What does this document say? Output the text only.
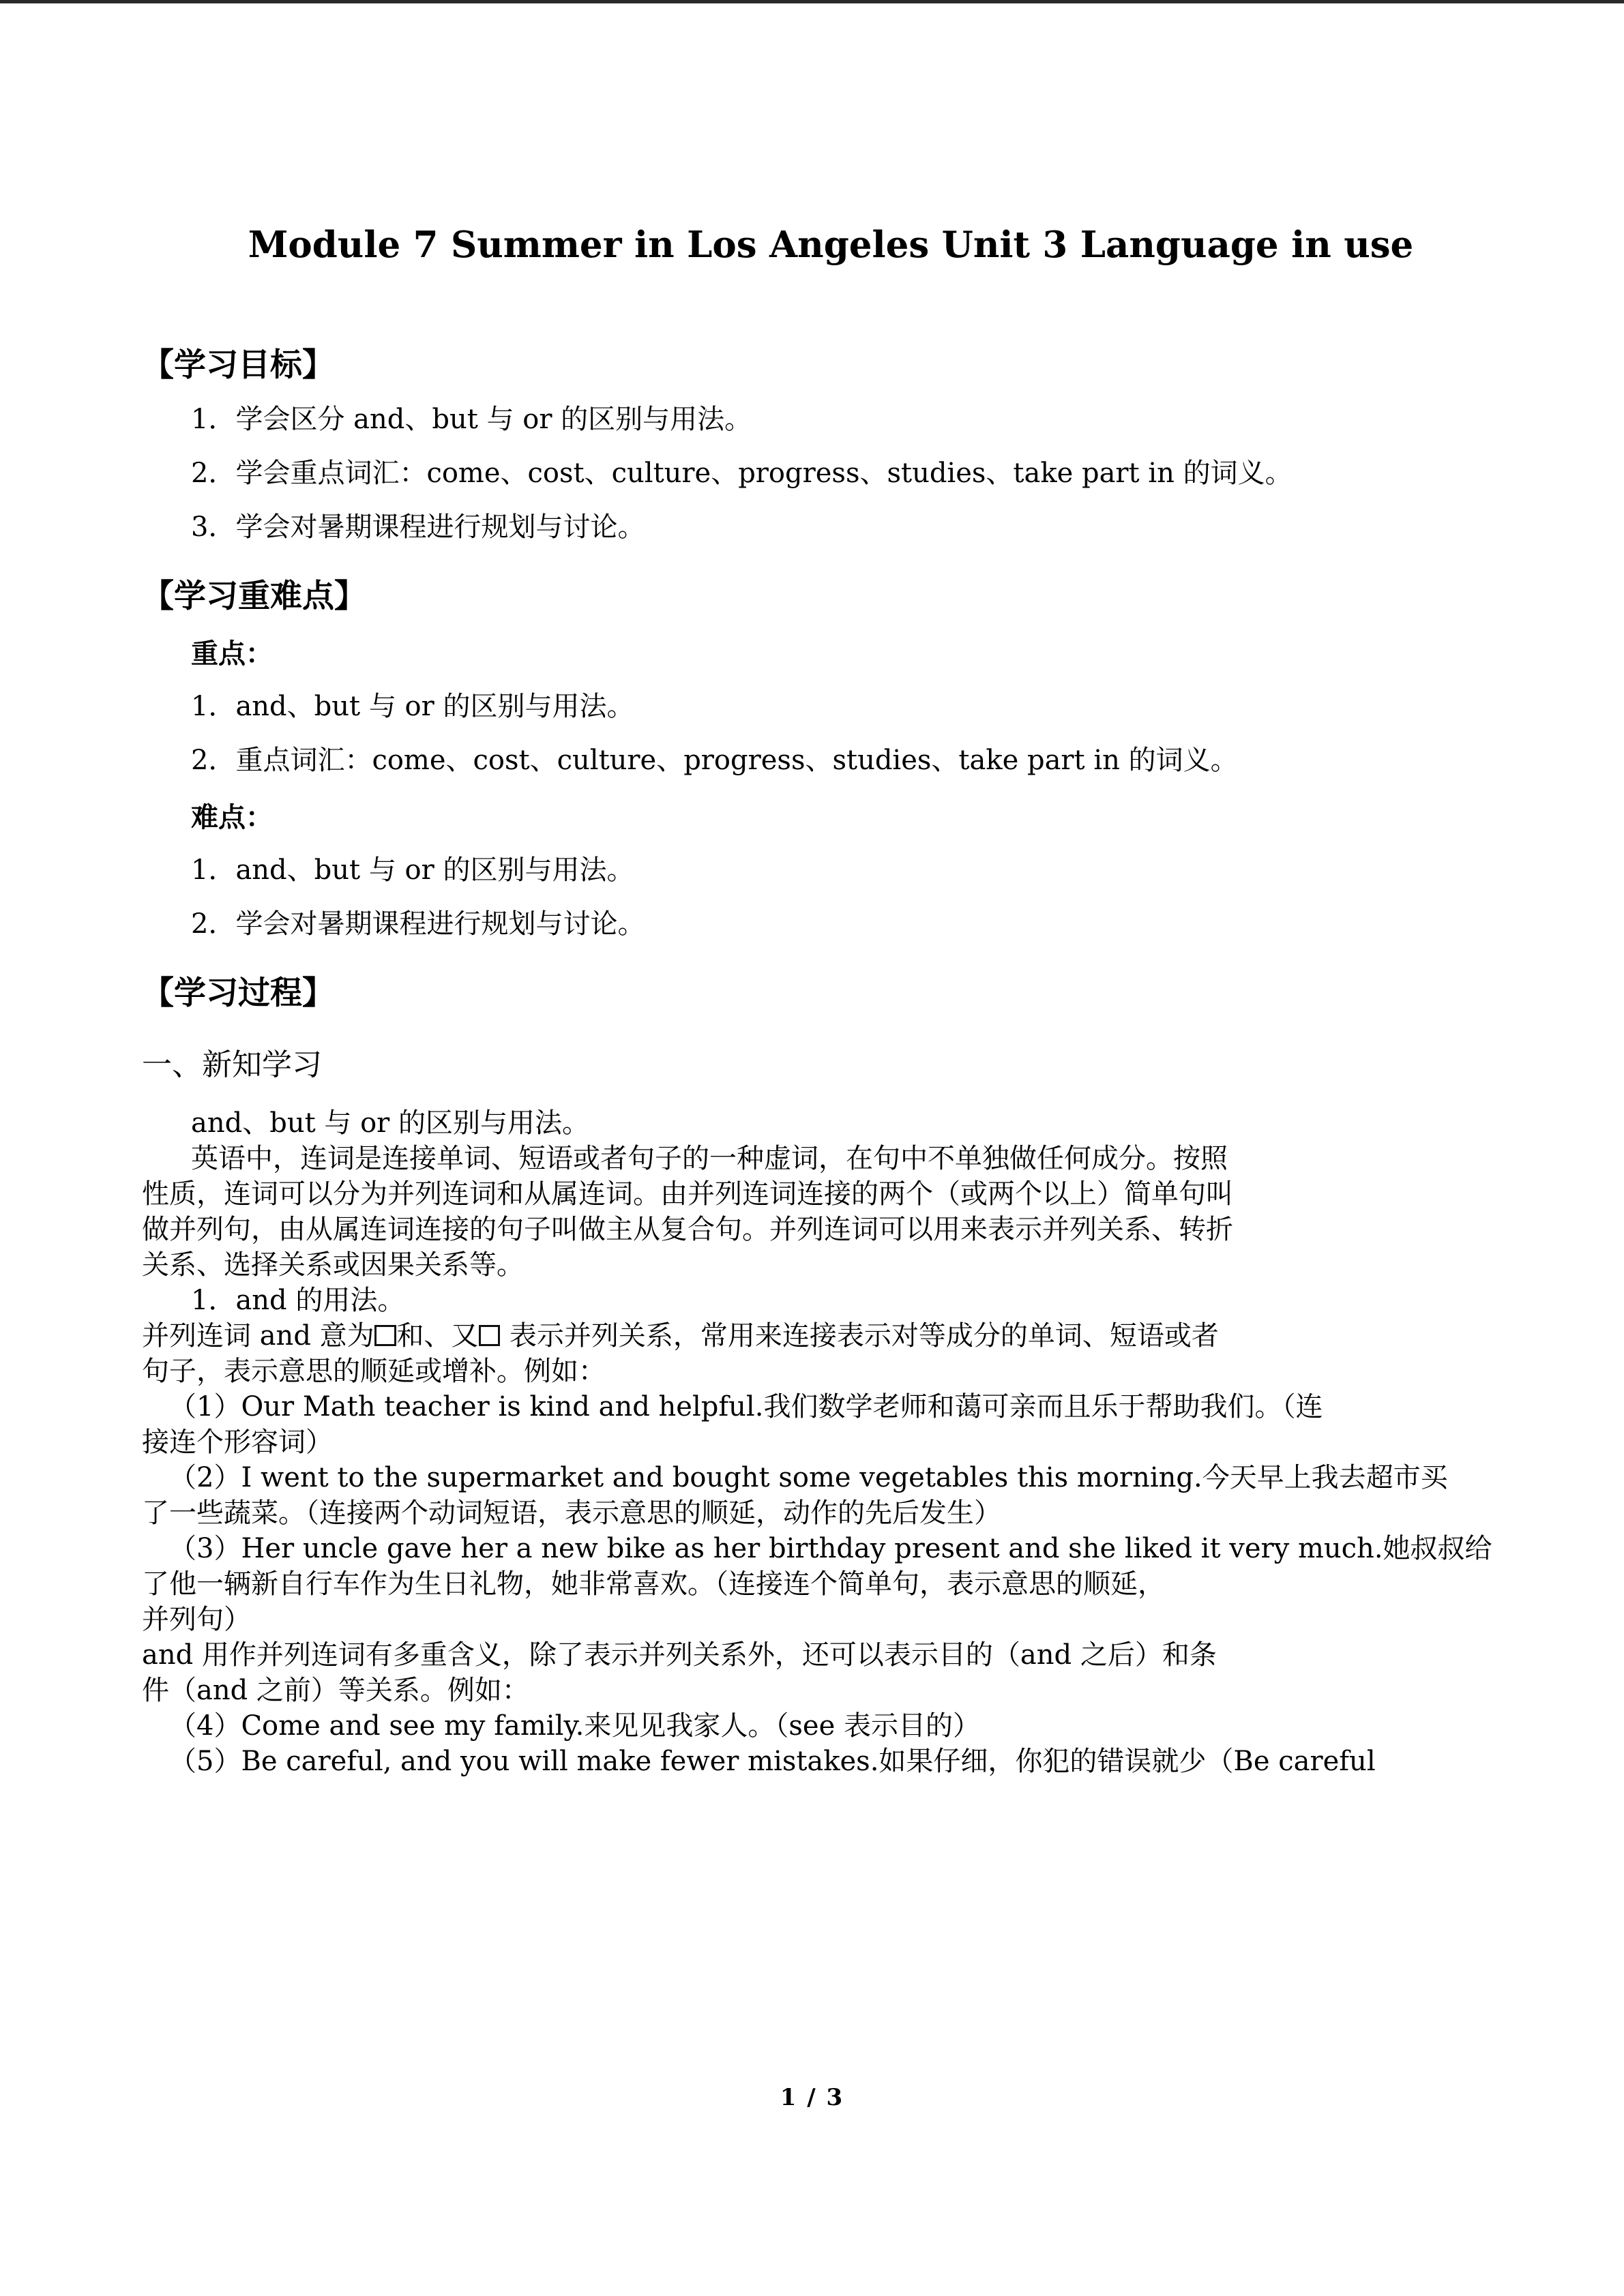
Module 7 Summer in Los Angeles Unit 3 Language in use
【学习目标】

1．学会区分 and、but 与 or 的区别与用法。

2．学会重点词汇：come、cost、culture、progress、studies、take part in 的词义。

3．学会对暑期课程进行规划与讨论。

【学习重难点】

重点：

1．and、but 与 or 的区别与用法。

2．重点词汇：come、cost、culture、progress、studies、take part in 的词义。

难点：

1．and、but 与 or 的区别与用法。

2．学会对暑期课程进行规划与讨论。

【学习过程】

一、新知学习

and、but 与 or 的区别与用法。

英语中，连词是连接单词、短语或者句子的一种虚词，在句中不单独做任何成分。按照

性质，连词可以分为并列连词和从属连词。由并列连词连接的两个（或两个以上）简单句叫

做并列句，由从属连词连接的句子叫做主从复合句。并列连词可以用来表示并列关系、转折

关系、选择关系或因果关系等。

1．and 的用法。

并列连词 and 意为 和、又 表示并列关系，常用来连接表示对等成分的单词、短语或者

句子，表示意思的顺延或增补。例如：

（1）Our Math teacher is kind and helpful.我们数学老师和蔼可亲而且乐于帮助我们。（连

接连个形容词）

（2）I went to the supermarket and bought some vegetables this morning.今天早上我去超市买

了一些蔬菜。（连接两个动词短语，表示意思的顺延，动作的先后发生）

（3）Her uncle gave her a new bike as her birthday present and she liked it very much.她叔叔给

了他一辆新自行车作为生日礼物，她非常喜欢。（连接连个简单句，表示意思的顺延，

并列句）

and 用作并列连词有多重含义，除了表示并列关系外，还可以表示目的（and 之后）和条

件（and 之前）等关系。例如：

（4）Come and see my family.来见见我家人。（see 表示目的）

（5）Be careful, and you will make fewer mistakes.如果仔细，你犯的错误就少（Be careful

1 / 3
